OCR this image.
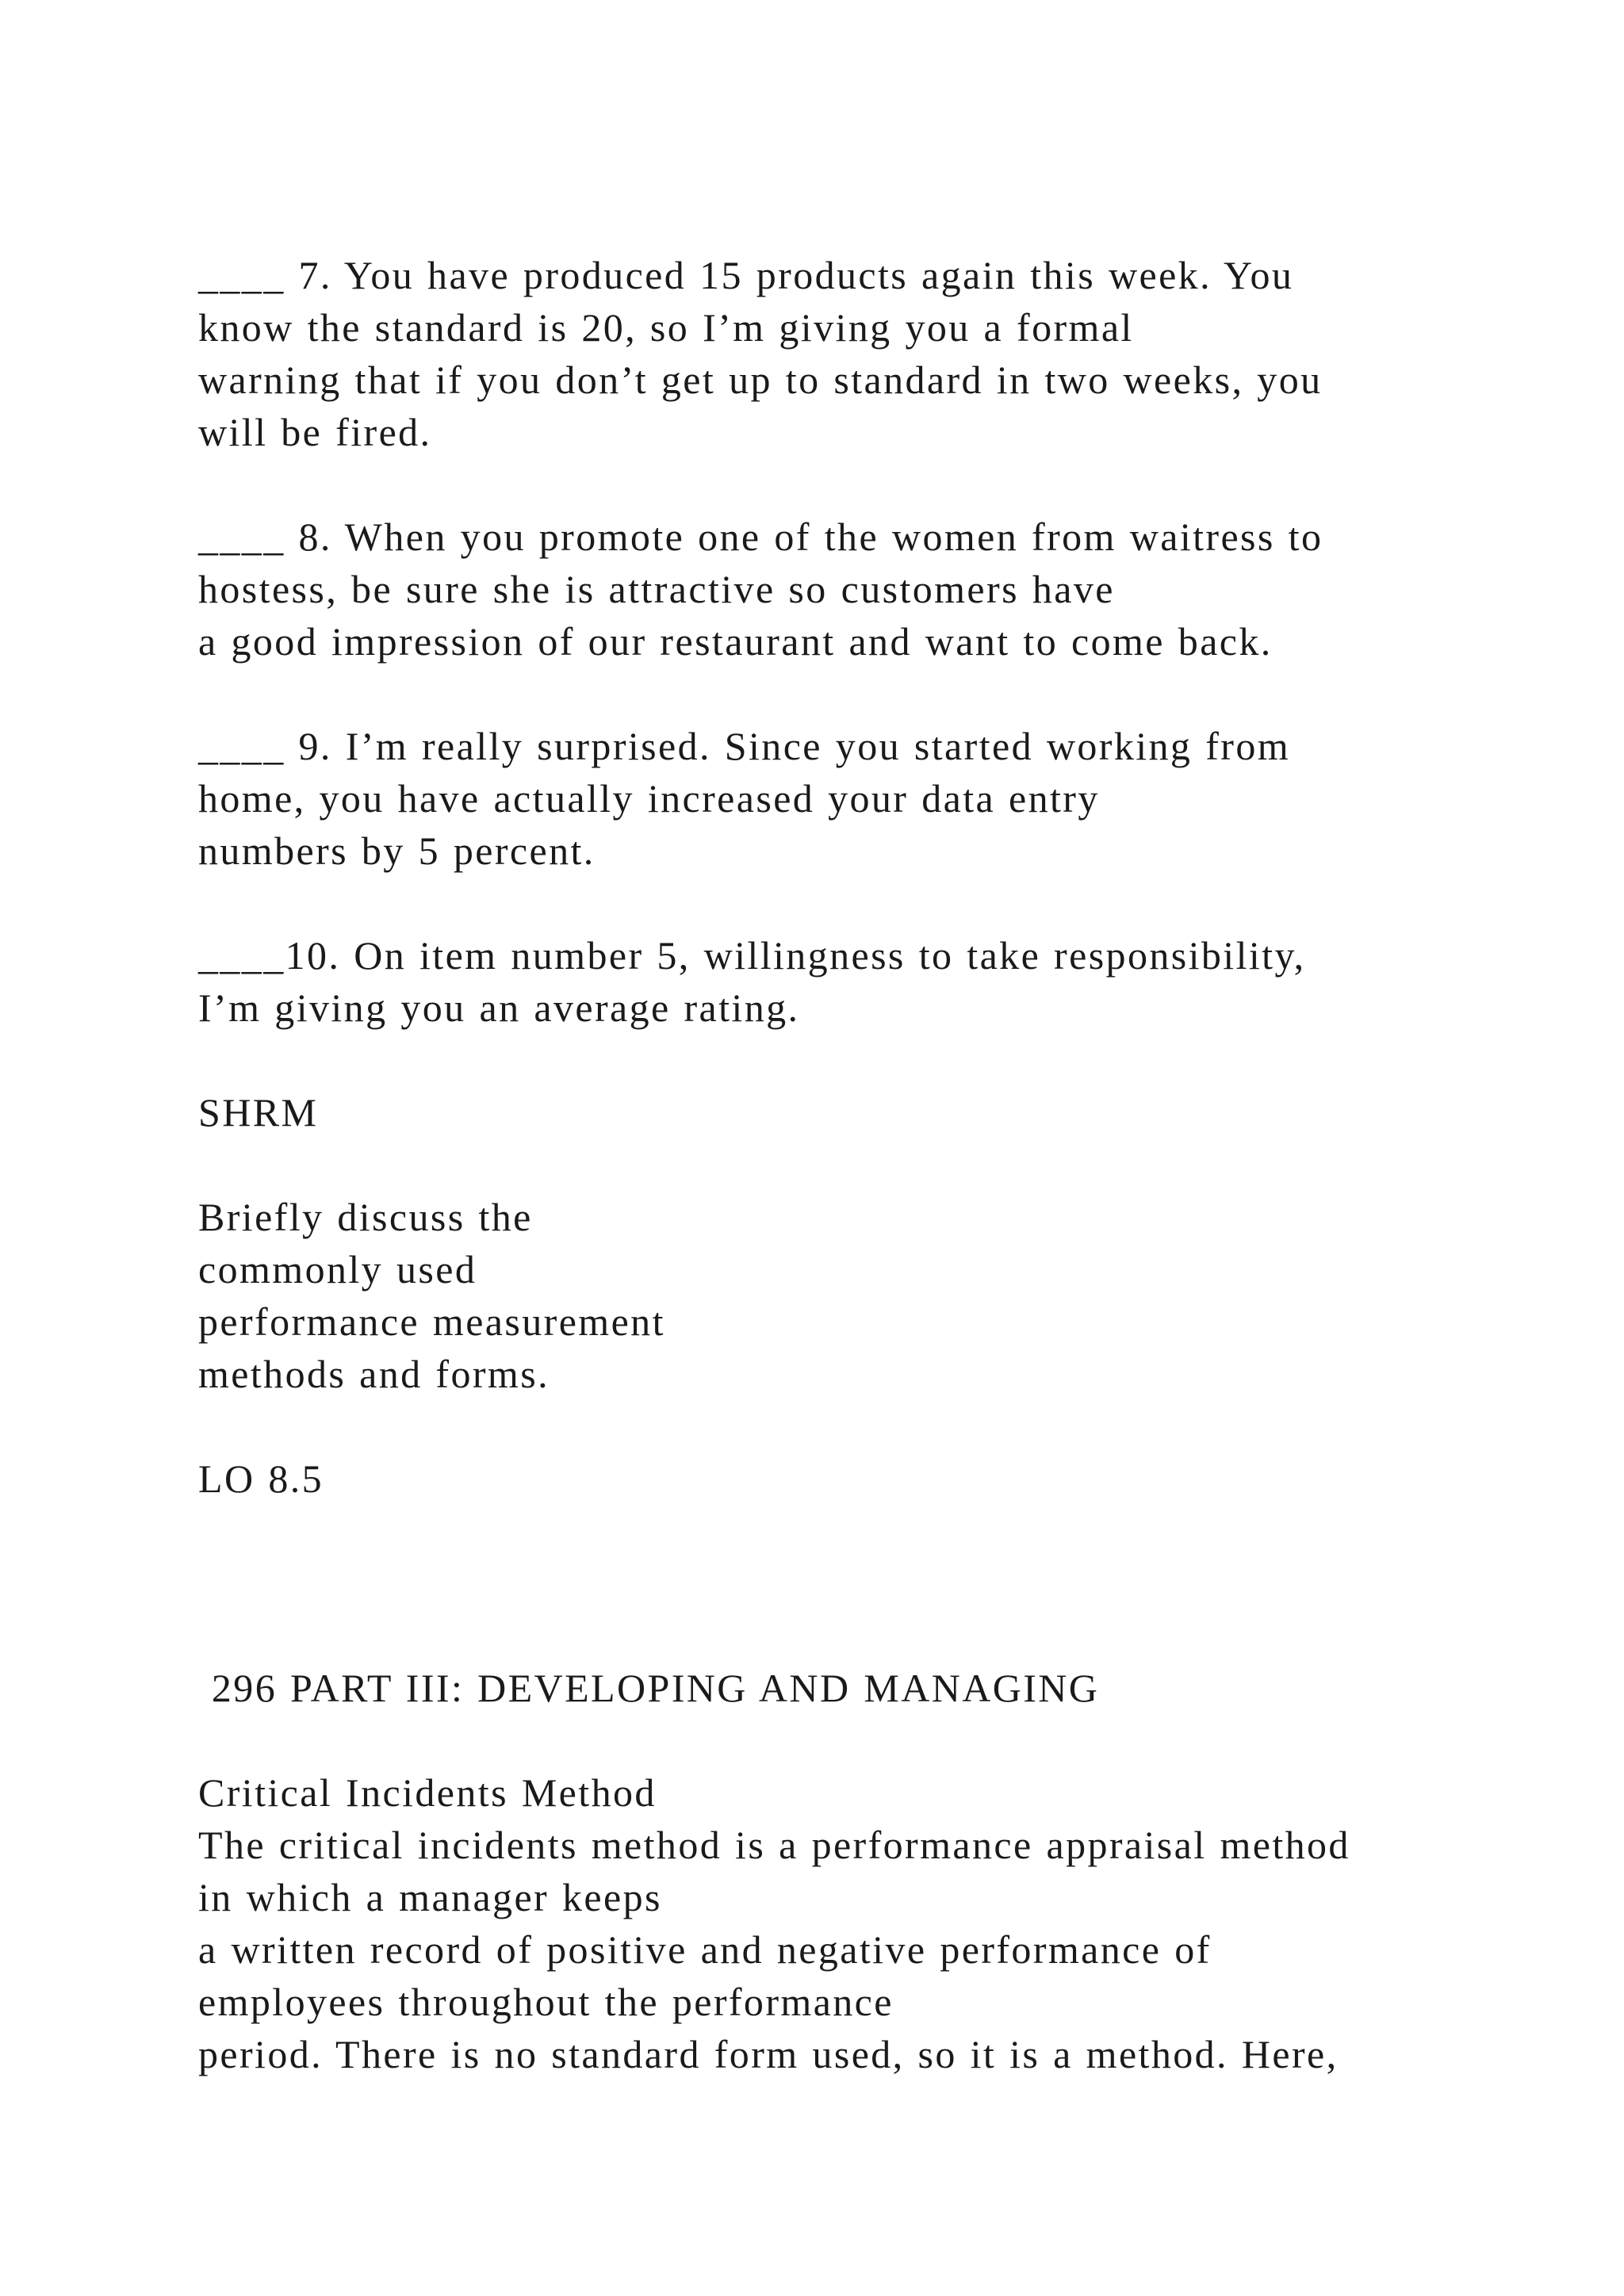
____ 7. You have produced 15 products again this week. You
know the standard is 20, so I’m giving you a formal
warning that if you don’t get up to standard in two weeks, you
will be fired.
____ 8. When you promote one of the women from waitress to
hostess, be sure she is attractive so customers have
a good impression of our restaurant and want to come back.
____ 9. I’m really surprised. Since you started working from
home, you have actually increased your data entry
numbers by 5 percent.
____10. On item number 5, willingness to take responsibility,
I’m giving you an average rating.
SHRM
Briefly discuss the
commonly used
performance measurement
methods and forms.
LO 8.5
296 PART III: DEVELOPING AND MANAGING
Critical Incidents Method
The critical incidents method is a performance appraisal method
in which a manager keeps
a written record of positive and negative performance of
employees throughout the performance
period. There is no standard form used, so it is a method. Here,
